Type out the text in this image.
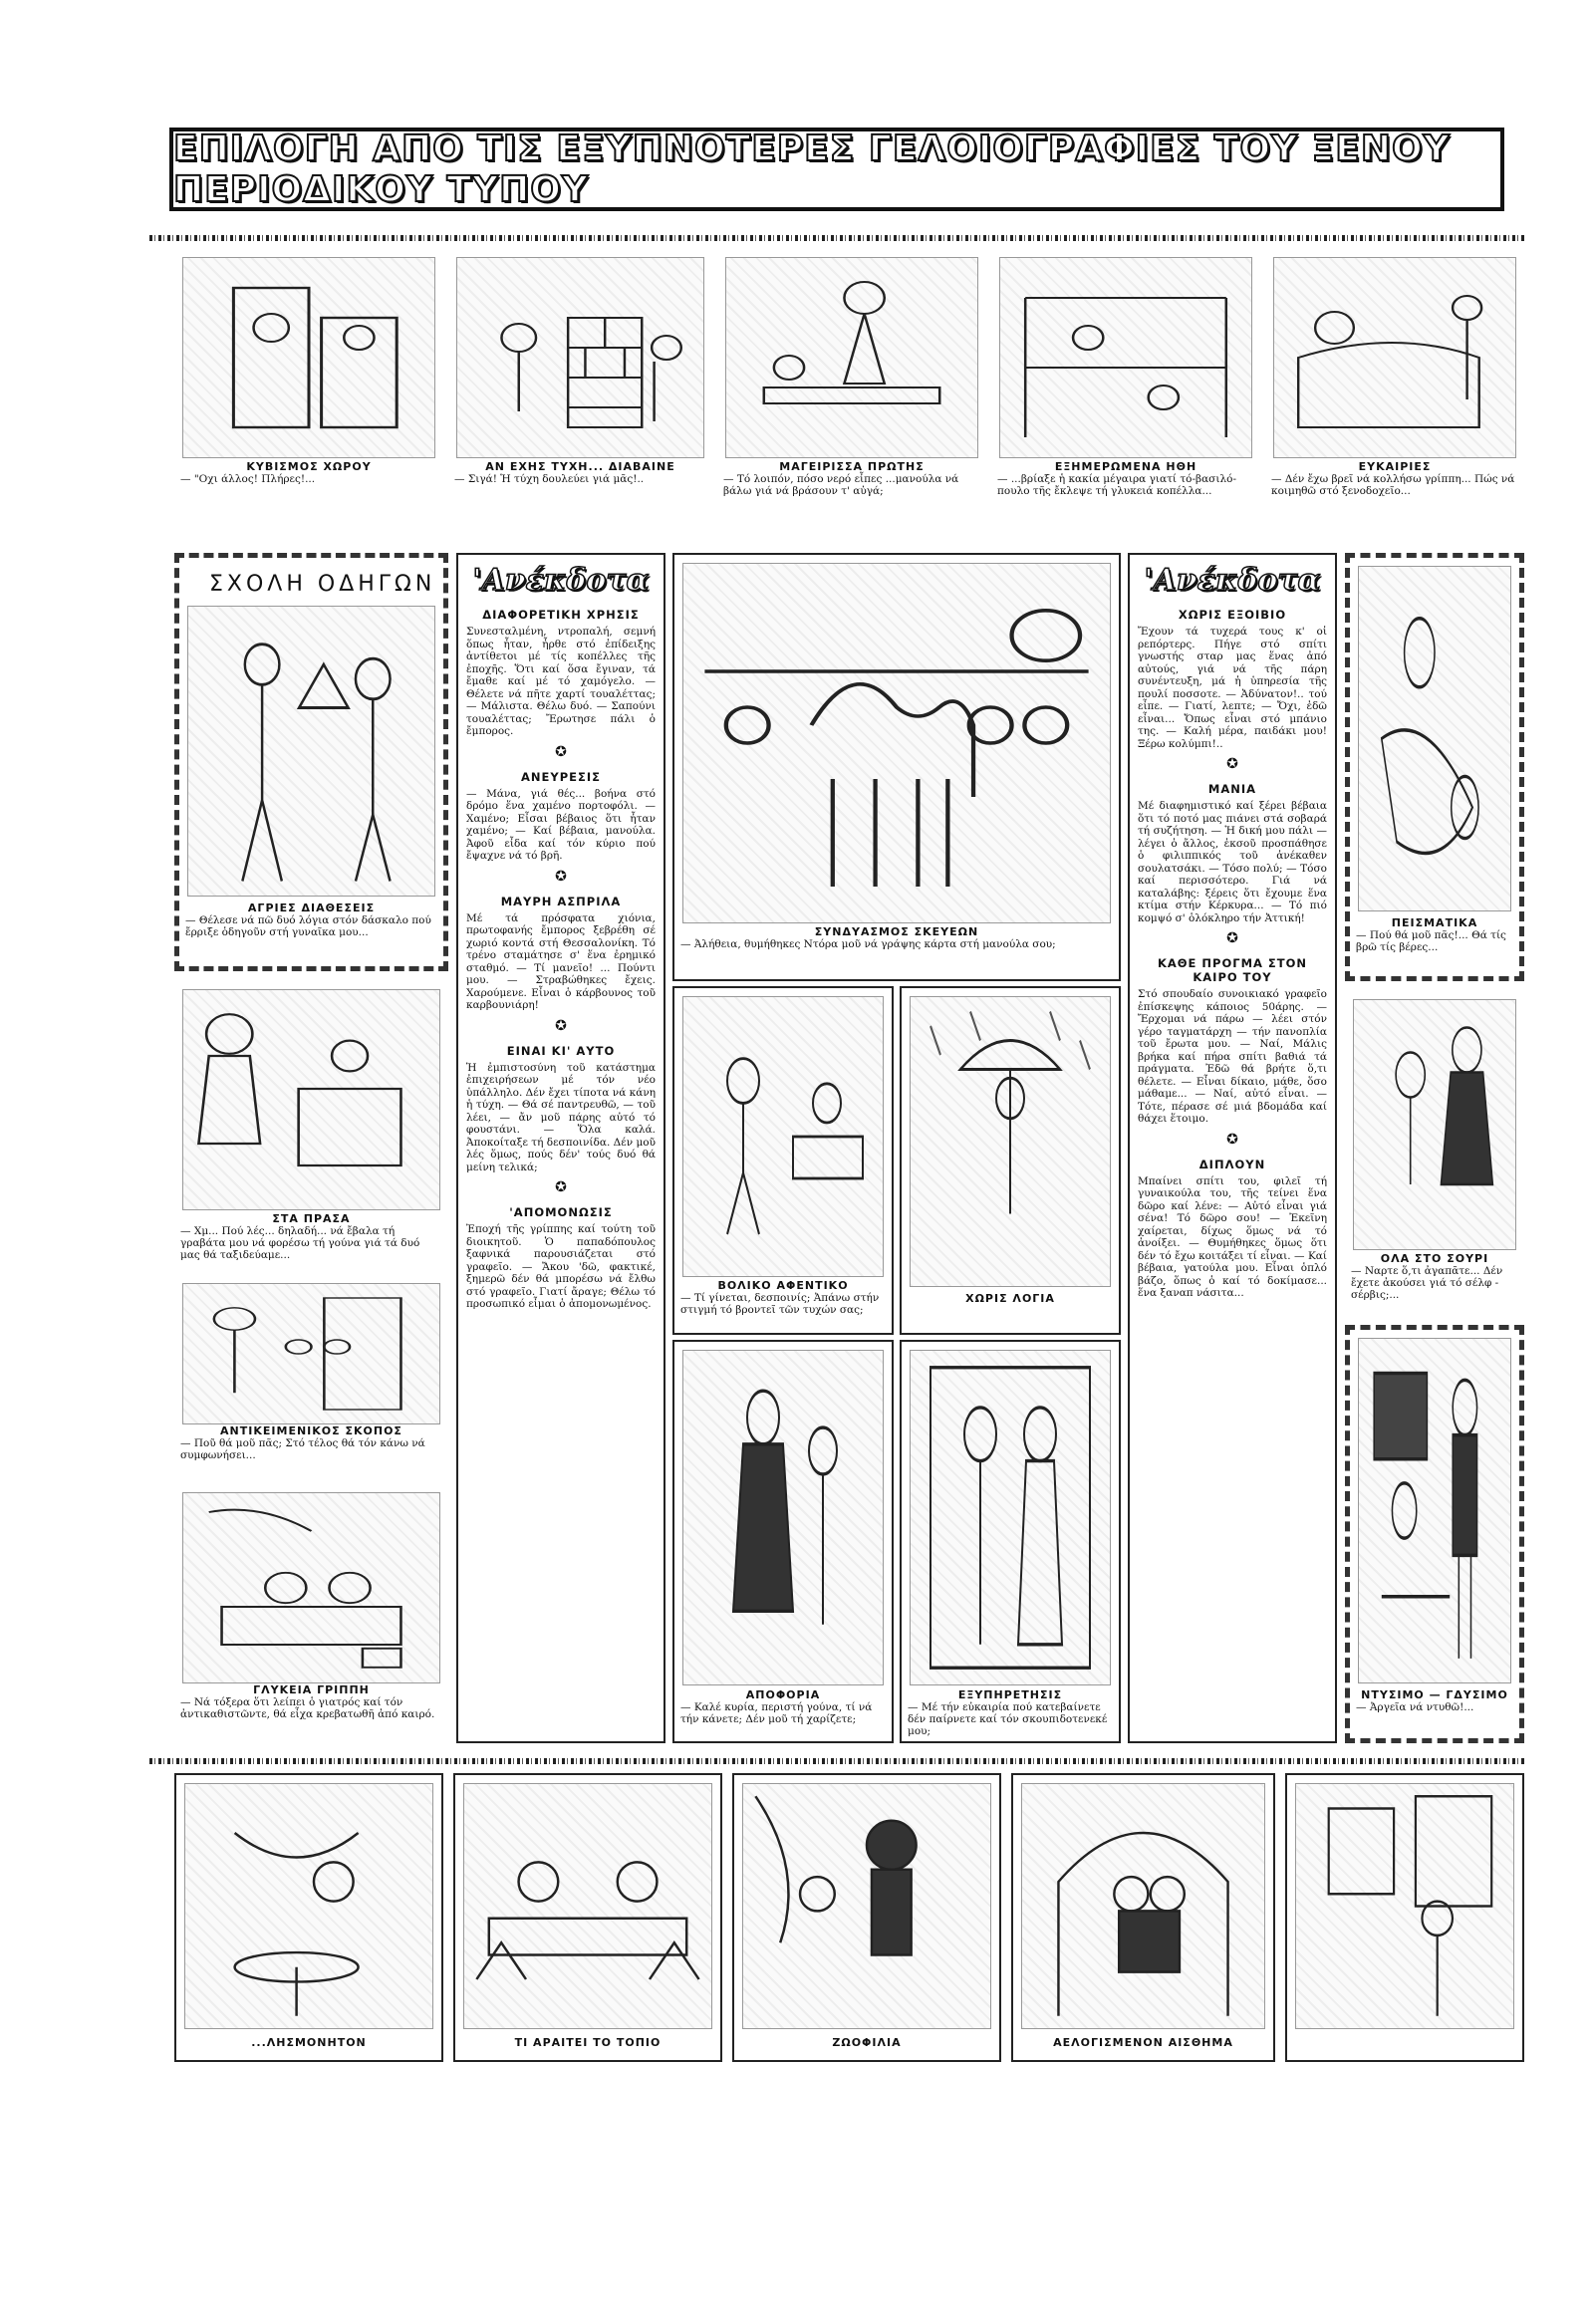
ΕΠΙΛΟΓΗ ΑΠΟ ΤΙΣ ΕΞΥΠΝΟΤΕΡΕΣ ΓΕΛΟΙΟΓΡΑΦΙΕΣ ΤΟΥ ΞΕΝΟΥ ΠΕΡΙΟΔΙΚΟΥ ΤΥΠΟΥ
ΚΥΒΙΣΜΟΣ ΧΩΡΟΥ
— "Οχι άλλος! Πλήρες!...
ΑΝ ΕΧΗΣ ΤΥΧΗ... ΔΙΑΒΑΙΝΕ
— Σιγά! Ἡ τύχη δουλεύει γιά μᾶς!..
ΜΑΓΕΙΡΙΣΣΑ ΠΡΩΤΗΣ
— Τό λοιπόν, πόσο νερό εἶπες ...μανούλα νά βάλω γιά νά βράσουν τ' αὐγά;
ΕΞΗΜΕΡΩΜΕΝΑ ΗΘΗ
— ...βρίαξε ἡ κακία μέγαιρα γιατί τό-βασιλό-πουλο τῆς ἔκλεψε τή γλυκειά κοπέλλα...
ΕΥΚΑΙΡΙΕΣ
— Δέν ἔχω βρεῖ νά κολλήσω γρίππη... Πώς νά κοιμηθῶ στό ξενοδοχεῖο...
ΣΧΟΛΗ ΟΔΗΓΩΝ
ΑΓΡΙΕΣ ΔΙΑΘΕΣΕΙΣ
— Θέλεσε νά πῶ δυό λόγια στόν δάσκαλο πού ἔρριξε ὁδηγοῦν στή γυναῖκα μου...
ΣΤΑ ΠΡΑΣΑ
— Χμ... Πού λές... δηλαδή... νά ἔβαλα τή γραβάτα μου νά φορέσω τή γούνα γιά τά δυό μας θά ταξιδεύαμε...
ΑΝΤΙΚΕΙΜΕΝΙΚΟΣ ΣΚΟΠΟΣ
— Ποῦ θά μοῦ πᾶς; Στό τέλος θά τόν κάνω νά συμφωνήσει...
ΓΛΥΚΕΙΑ ΓΡΙΠΠΗ
— Νά τόξερα ὅτι λείπει ὁ γιατρός καί τόν ἀντικαθιστῶντε, θά εἶχα κρεβατωθῆ ἀπό καιρό.
'Ανέκδοτα
ΔΙΑΦΟΡΕΤΙΚΗ ΧΡΗΣΙΣ
Συνεσταλμένη, ντροπαλή, σεμνή ὅπως ἦταν, ἦρθε στό ἐπίδειξης ἀντίθετοι μέ τίς κοπέλλες τῆς ἐποχῆς. Ὅτι καί ὅσα ἔγιναν, τά ἔμαθε καί μέ τό χαμόγελο. — Θέλετε νά πῆτε χαρτί τουαλέττας; — Μάλιστα. Θέλω δυό. — Σαπούνι τουαλέττας; Ἔρωτησε πάλι ὁ ἔμπορος.
✪
ΑΝΕΥΡΕΣΙΣ
— Μάνα, γιά θές... βοήνα στό δρόμο ἕνα χαμένο πορτοφόλι. — Χαμένο; Εἶσαι βέβαιος ὅτι ἦταν χαμένο; — Καί βέβαια, μανούλα. Ἀφοῦ εἶδα καί τόν κύριο πού ἔψαχνε νά τό βρῆ.
✪
ΜΑΥΡΗ ΑΣΠΡΙΛΑ
Μέ τά πρόσφατα χιόνια, πρωτοφανής ἔμπορος ξεβρέθη σέ χωριό κοντά στή Θεσσαλονίκη. Τό τρένο σταμάτησε σ' ἕνα ἐρημικό σταθμό. — Τί μανεῖο! ... Πούντι μου. — Στραβώθηκες ἔχεις. Χαρούμενε. Εἶναι ὁ κάρβουνος τοῦ καρβουνιάρη!
✪
ΕΙΝΑΙ ΚΙ' ΑΥΤΟ
Ἡ ἐμπιστοσύνη τοῦ κατάστημα ἐπιχειρήσεων μέ τόν νέο ὑπάλληλο. Δέν ἔχει τίποτα νά κάνη ἡ τύχη. — Θά σέ παντρευθῶ, — τοῦ λέει, — ἄν μοῦ πάρης αὐτό τό φουστάνι. — Ὅλα καλά. Ἀποκοίταξε τή δεσποινίδα. Δέν μοῦ λές ὅμως, πούς δέν' τούς δυό θά μείνη τελικά;
✪
'ΑΠΟΜΟΝΩΣΙΣ
Ἐποχή τῆς γρίππης καί τούτη τοῦ διοικητοῦ. Ὁ παπαδόπουλος ξαφνικά παρουσιάζεται στό γραφεῖο. — Ἄκου 'δῶ, φακτικέ, ξημερῶ δέν θά μπορέσω νά ἔλθω στό γραφεῖο. Γιατί ἄραγε; Θέλω τό προσωπικό εἶμαι ὁ ἀπομονωμένος.
ΣΥΝΔΥΑΣΜΟΣ ΣΚΕΥΕΩΝ
— Ἀλήθεια, θυμήθηκες Ντόρα μοῦ νά γράψης κάρτα στή μανούλα σου;
ΒΟΛΙΚΟ ΑΦΕΝΤΙΚΟ
— Τί γίνεται, δεσποινίς; Ἀπάνω στήν στιγμή τό βροντεῖ τῶν τυχών σας;
ΧΩΡΙΣ ΛΟΓΙΑ
ΑΠΟΦΟΡΙΑ
— Καλέ κυρία, περιστή γούνα, τί νά τήν κάνετε; Δέν μοῦ τή χαρίζετε;
ΕΞΥΠΗΡΕΤΗΣΙΣ
— Μέ τήν εὐκαιρία πού κατεβαίνετε δέν παίρνετε καί τόν σκουπιδοτενεκέ μου;
'Ανέκδοτα
ΧΩΡΙΣ ΕΞΟΙΒΙΟ
Ἔχουν τά τυχερά τους κ' οἱ ρεπόρτερς. Πήγε στό σπίτι γνωστής σταρ μας ἕνας ἀπό αὐτούς, γιά νά τῆς πάρη συνέντευξη, μά ἡ ὑπηρεσία τῆς πουλί ποσσοτε. — Ἀδύνατον!.. τού εἶπε. — Γιατί, λεπτε; — Ὄχι, ἐδῶ εἶναι... Ὄπως εἶναι στό μπάνιο της. — Καλή μέρα, παιδάκι μου! Ξέρω κολύμπι!..
✪
ΜΑΝΙΑ
Μέ διαφημιστικό καί ξέρει βέβαια ὅτι τό ποτό μας πιάνει στά σοβαρά τή συζήτηση. — Ἡ δική μου πάλι — λέγει ὁ ἄλλος, ἐκσοῦ προσπάθησε ὁ φιλιππικός τοῦ ἀνέκαθεν σουλατσάκι. — Τόσο πολύ; — Τόσο καί περισσότερο. Γιά νά καταλάβης: ξέρεις ὅτι ἔχουμε ἕνα κτίμα στήν Κέρκυρα... — Τό πιό κομψό σ' ὁλόκληρο τήν Ἀττική!
✪
ΚΑΘΕ ΠΡΟΓΜΑ ΣΤΟΝ ΚΑΙΡΟ ΤΟΥ
Στό σπουδαίο συνοικιακό γραφεῖο ἐπίσκεψης κάποιος 50άρης. — Ἔρχομαι νά πάρω — λέει στόν γέρο ταγματάρχη — τήν πανοπλία τοῦ ἔρωτα μου. — Ναί, Μάλις βρήκα καί πήρα σπίτι βαθιά τά πράγματα. Ἐδῶ θά βρήτε ὅ,τι θέλετε. — Εἶναι δίκαιο, μάθε, ὅσο μάθαμε... — Ναί, αὐτό εἶναι. — Τότε, πέρασε σέ μιά βδομάδα καί θάχει ἕτοιμο.
✪
ΔΙΠΛΟΥΝ
Μπαίνει σπίτι του, φιλεῖ τή γυναικούλα του, τῆς τείνει ἕνα δῶρο καί λένε: — Αὐτό εἶναι γιά σένα! Τό δῶρο σου! — Ἐκεῖνη χαίρεται, δίχως ὅμως νά τό ἀνοίξει. — Θυμήθηκες ὅμως ὅτι δέν τό ἔχω κοιτάξει τί εἶναι. — Καί βέβαια, γατούλα μου. Εἶναι ὁπλό βάζο, ὅπως ὁ καί τό δοκίμασε... ἕνα ξαναπ νάσιτα...
ΠΕΙΣΜΑΤΙΚΑ
— Πού θά μοῦ πᾶς!... Θά τίς βρῶ τίς βέρες...
ΟΛΑ ΣΤΟ ΣΟΥΡΙ
— Ναρτε ὅ,τι ἀγαπᾶτε... Δέν ἔχετε ἀκούσει γιά τό σέλφ - σέρβις;...
ΝΤΥΣΙΜΟ — ΓΔΥΣΙΜΟ
— Ἀργεῖα νά ντυθῶ!...
...ΛΗΣΜΟΝΗΤΟΝ	ΤΙ ΑΡΑΙΤΕΙ ΤΟ ΤΟΠΙΟ	ΖΩΟΦΙΛΙΑ	ΑΕΛΟΓΙΣΜΕΝΟΝ ΑΙΣΘΗΜΑ
